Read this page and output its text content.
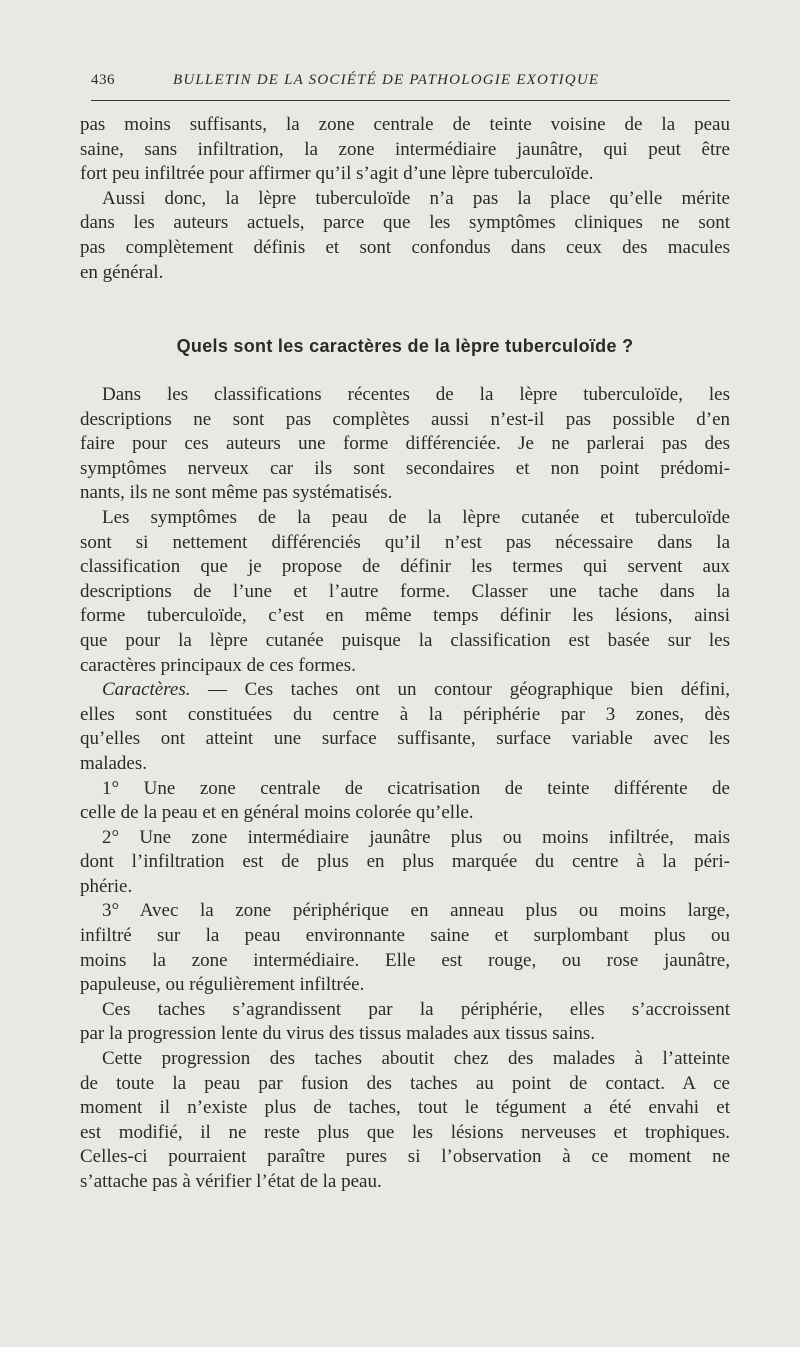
436	BULLETIN DE LA SOCIÉTÉ DE PATHOLOGIE EXOTIQUE
pas moins suffisants, la zone centrale de teinte voisine de la peau
saine, sans infiltration, la zone intermédiaire jaunâtre, qui peut être
fort peu infiltrée pour affirmer qu’il s’agit d’une lèpre tuberculoïde.
Aussi donc, la lèpre tuberculoïde n’a pas la place qu’elle mérite
dans les auteurs actuels, parce que les symptômes cliniques ne sont
pas complètement définis et sont confondus dans ceux des macules
en général.
Quels sont les caractères de la lèpre tuberculoïde ?
Dans les classifications récentes de la lèpre tuberculoïde, les
descriptions ne sont pas complètes aussi n’est-il pas possible d’en
faire pour ces auteurs une forme différenciée. Je ne parlerai pas des
symptômes nerveux car ils sont secondaires et non point prédomi-
nants, ils ne sont même pas systématisés.
Les symptômes de la peau de la lèpre cutanée et tuberculoïde
sont si nettement différenciés qu’il n’est pas nécessaire dans la
classification que je propose de définir les termes qui servent aux
descriptions de l’une et l’autre forme. Classer une tache dans la
forme tuberculoïde, c’est en même temps définir les lésions, ainsi
que pour la lèpre cutanée puisque la classification est basée sur les
caractères principaux de ces formes.
Caractères. — Ces taches ont un contour géographique bien défini,
elles sont constituées du centre à la périphérie par 3 zones, dès
qu’elles ont atteint une surface suffisante, surface variable avec les
malades.
1° Une zone centrale de cicatrisation de teinte différente de
celle de la peau et en général moins colorée qu’elle.
2° Une zone intermédiaire jaunâtre plus ou moins infiltrée, mais
dont l’infiltration est de plus en plus marquée du centre à la péri-
phérie.
3° Avec la zone périphérique en anneau plus ou moins large,
infiltré sur la peau environnante saine et surplombant plus ou
moins la zone intermédiaire. Elle est rouge, ou rose jaunâtre,
papuleuse, ou régulièrement infiltrée.
Ces taches s’agrandissent par la périphérie, elles s’accroissent
par la progression lente du virus des tissus malades aux tissus sains.
Cette progression des taches aboutit chez des malades à l’atteinte
de toute la peau par fusion des taches au point de contact. A ce
moment il n’existe plus de taches, tout le tégument a été envahi et
est modifié, il ne reste plus que les lésions nerveuses et trophiques.
Celles-ci pourraient paraître pures si l’observation à ce moment ne
s’attache pas à vérifier l’état de la peau.
